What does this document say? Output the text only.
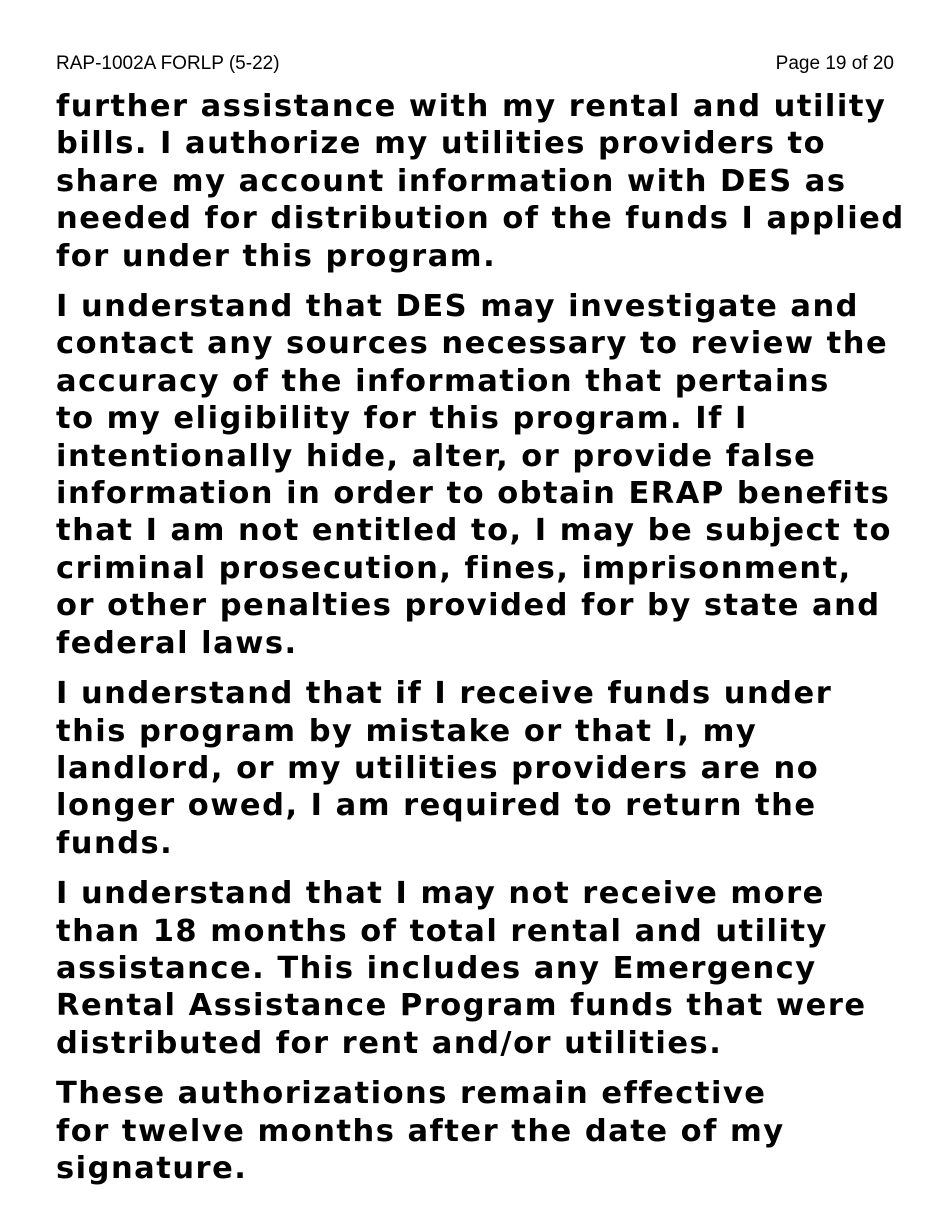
RAP-1002A FORLP (5-22)	Page 19 of 20

further assistance with my rental and utility
bills. I authorize my utilities providers to
share my account information with DES as
needed for distribution of the funds I applied
for under this program.

I understand that DES may investigate and
contact any sources necessary to review the
accuracy of the information that pertains
to my eligibility for this program. If I
intentionally hide, alter, or provide false
information in order to obtain ERAP benefits
that I am not entitled to, I may be subject to
criminal prosecution, fines, imprisonment,
or other penalties provided for by state and
federal laws.

I understand that if I receive funds under
this program by mistake or that I, my
landlord, or my utilities providers are no
longer owed, I am required to return the
funds.

I understand that I may not receive more
than 18 months of total rental and utility
assistance. This includes any Emergency
Rental Assistance Program funds that were
distributed for rent and/or utilities.

These authorizations remain effective
for twelve months after the date of my
signature.
